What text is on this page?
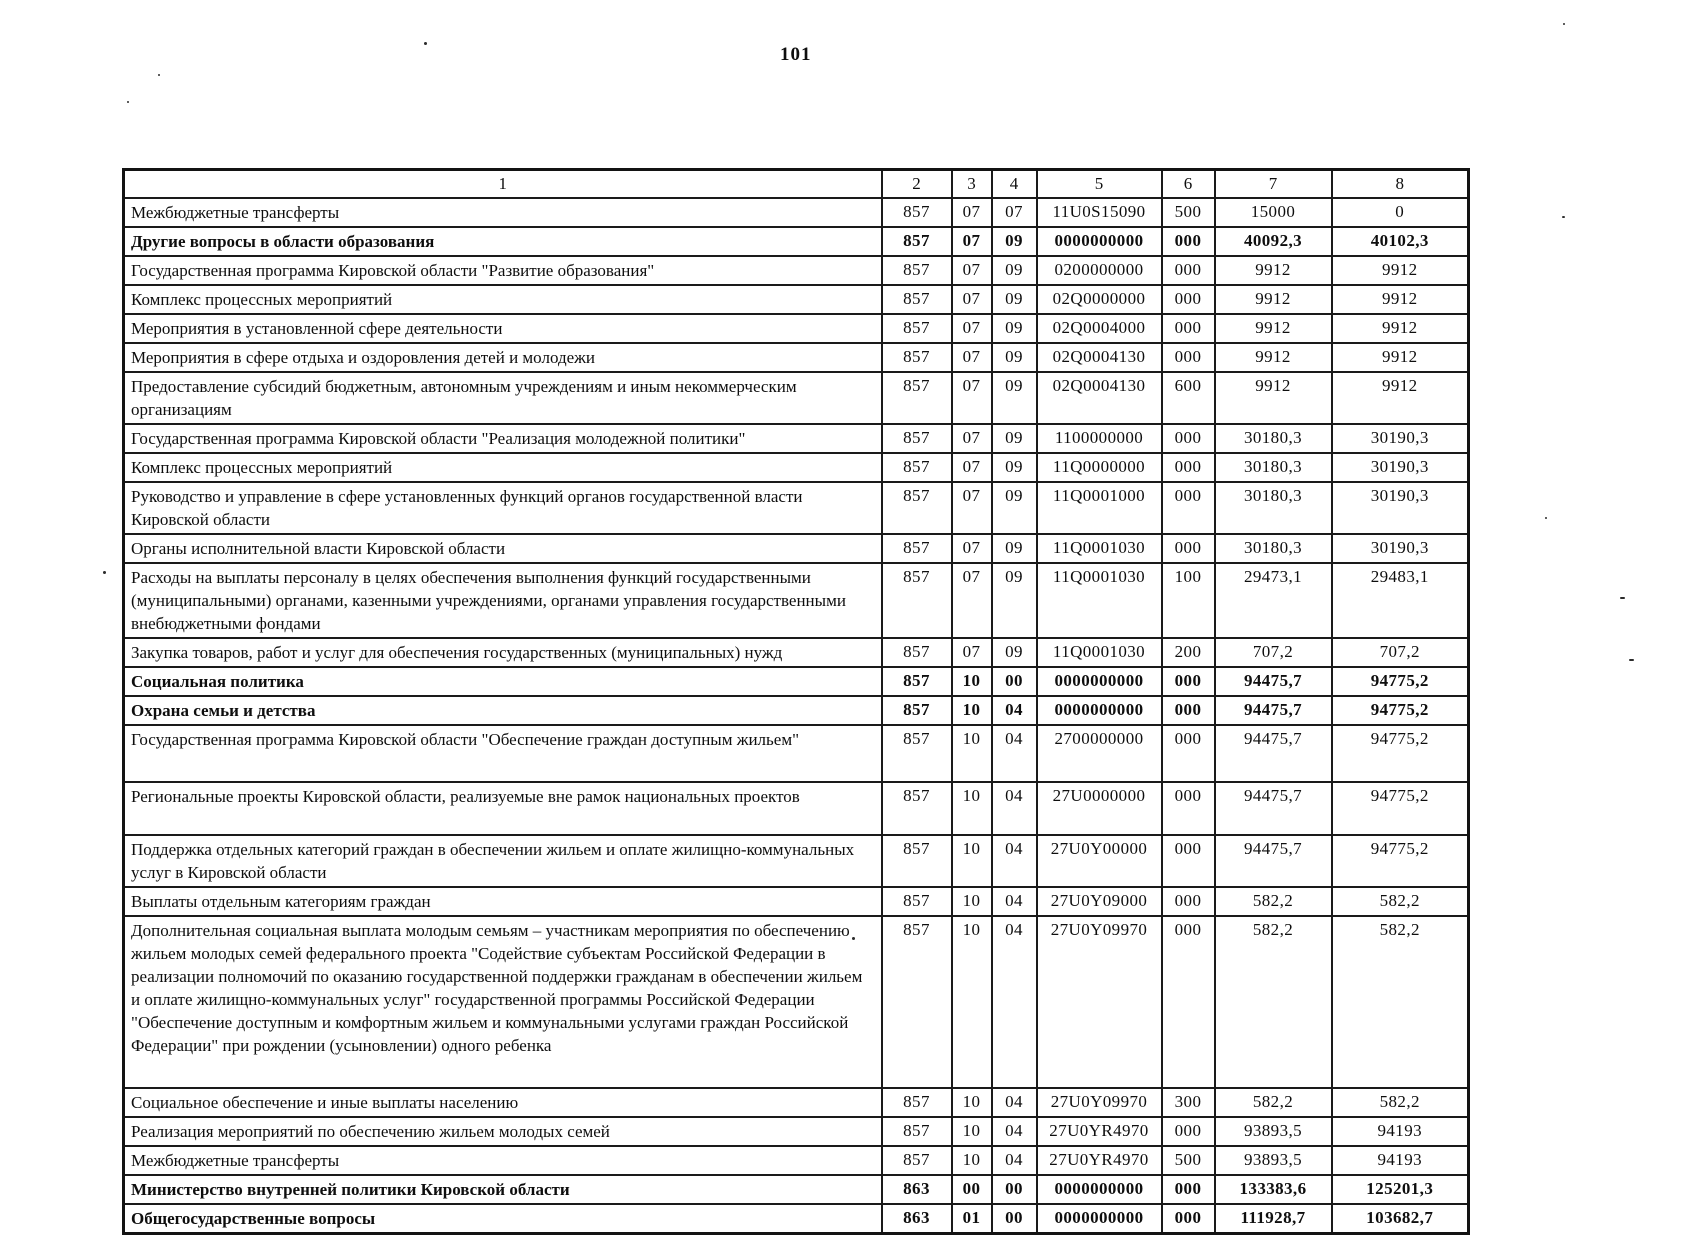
101
1	2	3	4	5	6	7	8
Межбюджетные трансферты	857	07	07	11U0S15090	500	15000	0
Другие вопросы в области образования	857	07	09	0000000000	000	40092,3	40102,3
Государственная программа Кировской области "Развитие образования"	857	07	09	0200000000	000	9912	9912
Комплекс процессных мероприятий	857	07	09	02Q0000000	000	9912	9912
Мероприятия в установленной сфере деятельности	857	07	09	02Q0004000	000	9912	9912
Мероприятия в сфере отдыха и оздоровления детей и молодежи	857	07	09	02Q0004130	000	9912	9912
Предоставление субсидий бюджетным, автономным учреждениям и иным некоммерческим организациям	857	07	09	02Q0004130	600	9912	9912
Государственная программа Кировской области "Реализация молодежной политики"	857	07	09	1100000000	000	30180,3	30190,3
Комплекс процессных мероприятий	857	07	09	11Q0000000	000	30180,3	30190,3
Руководство и управление в сфере установленных функций органов государственной власти Кировской области	857	07	09	11Q0001000	000	30180,3	30190,3
Органы исполнительной власти Кировской области	857	07	09	11Q0001030	000	30180,3	30190,3
Расходы на выплаты персоналу в целях обеспечения выполнения функций государственными (муниципальными) органами, казенными учреждениями, органами управления государственными внебюджетными фондами	857	07	09	11Q0001030	100	29473,1	29483,1
Закупка товаров, работ и услуг для обеспечения государственных (муниципальных) нужд	857	07	09	11Q0001030	200	707,2	707,2
Социальная политика	857	10	00	0000000000	000	94475,7	94775,2
Охрана семьи и детства	857	10	04	0000000000	000	94475,7	94775,2
Государственная программа Кировской области "Обеспечение граждан доступным жильем"	857	10	04	2700000000	000	94475,7	94775,2
Региональные проекты Кировской области, реализуемые вне рамок национальных проектов	857	10	04	27U0000000	000	94475,7	94775,2
Поддержка отдельных категорий граждан в обеспечении жильем и оплате жилищно-коммунальных услуг в Кировской области	857	10	04	27U0Y00000	000	94475,7	94775,2
Выплаты отдельным категориям граждан	857	10	04	27U0Y09000	000	582,2	582,2
Дополнительная социальная выплата молодым семьям – участникам мероприятия по обеспечению жильем молодых семей федерального проекта "Содействие субъектам Российской Федерации в реализации полномочий по оказанию государственной поддержки гражданам в обеспечении жильем и оплате жилищно-коммунальных услуг" государственной программы Российской Федерации "Обеспечение доступным и комфортным жильем и коммунальными услугами граждан Российской Федерации" при рождении (усыновлении) одного ребенка	857	10	04	27U0Y09970	000	582,2	582,2
Социальное обеспечение и иные выплаты населению	857	10	04	27U0Y09970	300	582,2	582,2
Реализация мероприятий по обеспечению жильем молодых семей	857	10	04	27U0YR4970	000	93893,5	94193
Межбюджетные трансферты	857	10	04	27U0YR4970	500	93893,5	94193
Министерство внутренней политики Кировской области	863	00	00	0000000000	000	133383,6	125201,3
Общегосударственные вопросы	863	01	00	0000000000	000	111928,7	103682,7
